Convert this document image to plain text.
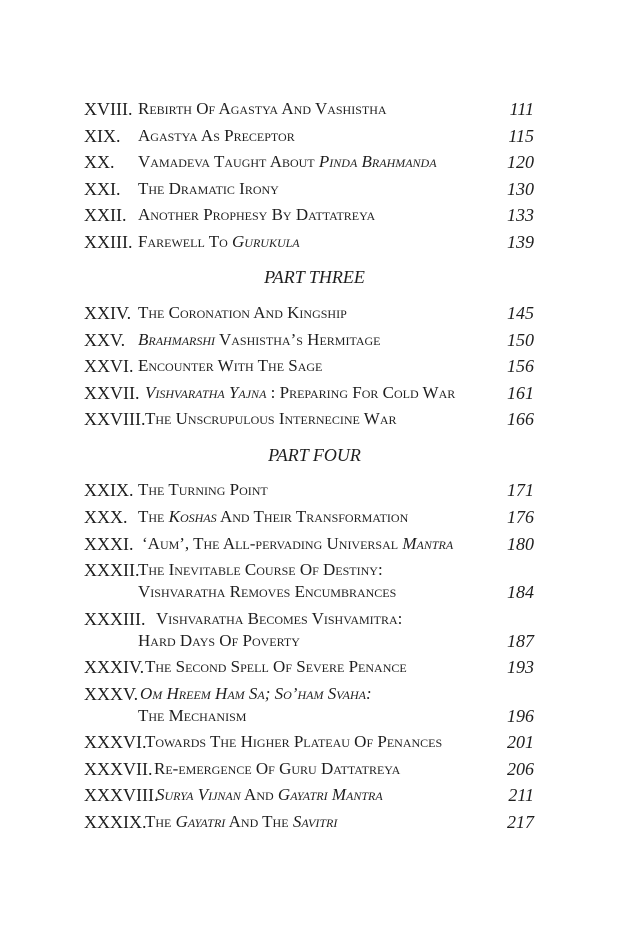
XVIII. Rebirth Of Agastya And Vashistha	111
XIX. Agastya As Preceptor	115
XX. Vamadeva Taught About Pinda Brahmanda	120
XXI. The Dramatic Irony	130
XXII. Another Prophesy By Dattatreya	133
XXIII. Farewell To Gurukula	139
PART THREE
XXIV. The Coronation And Kingship	145
XXV. Brahmarshi Vashistha’s Hermitage	150
XXVI. Encounter With The Sage	156
XXVII. Vishvaratha Yajna : Preparing For Cold War	161
XXVIII. The Unscrupulous Internecine War	166
PART FOUR
XXIX. The Turning Point	171
XXX. The Koshas And Their Transformation	176
XXXI. ‘Aum’, The All-pervading Universal Mantra	180
XXXII.
The Inevitable Course Of Destiny:
Vishvaratha Removes Encumbrances	184
XXXIII. Vishvaratha Becomes Vishvamitra:
Hard Days Of Poverty	187
XXXIV. The Second Spell Of Severe Penance	193
XXXV. Om Hreem Ham Sa; So’ham Svaha:
The Mechanism	196
XXXVI.
Towards The Higher Plateau Of Penances	201
XXXVII. Re-emergence Of Guru Dattatreya	206
XXXVIII.
Surya Vijnan And Gayatri Mantra	211
XXXIX.
The Gayatri And The Savitri	217
